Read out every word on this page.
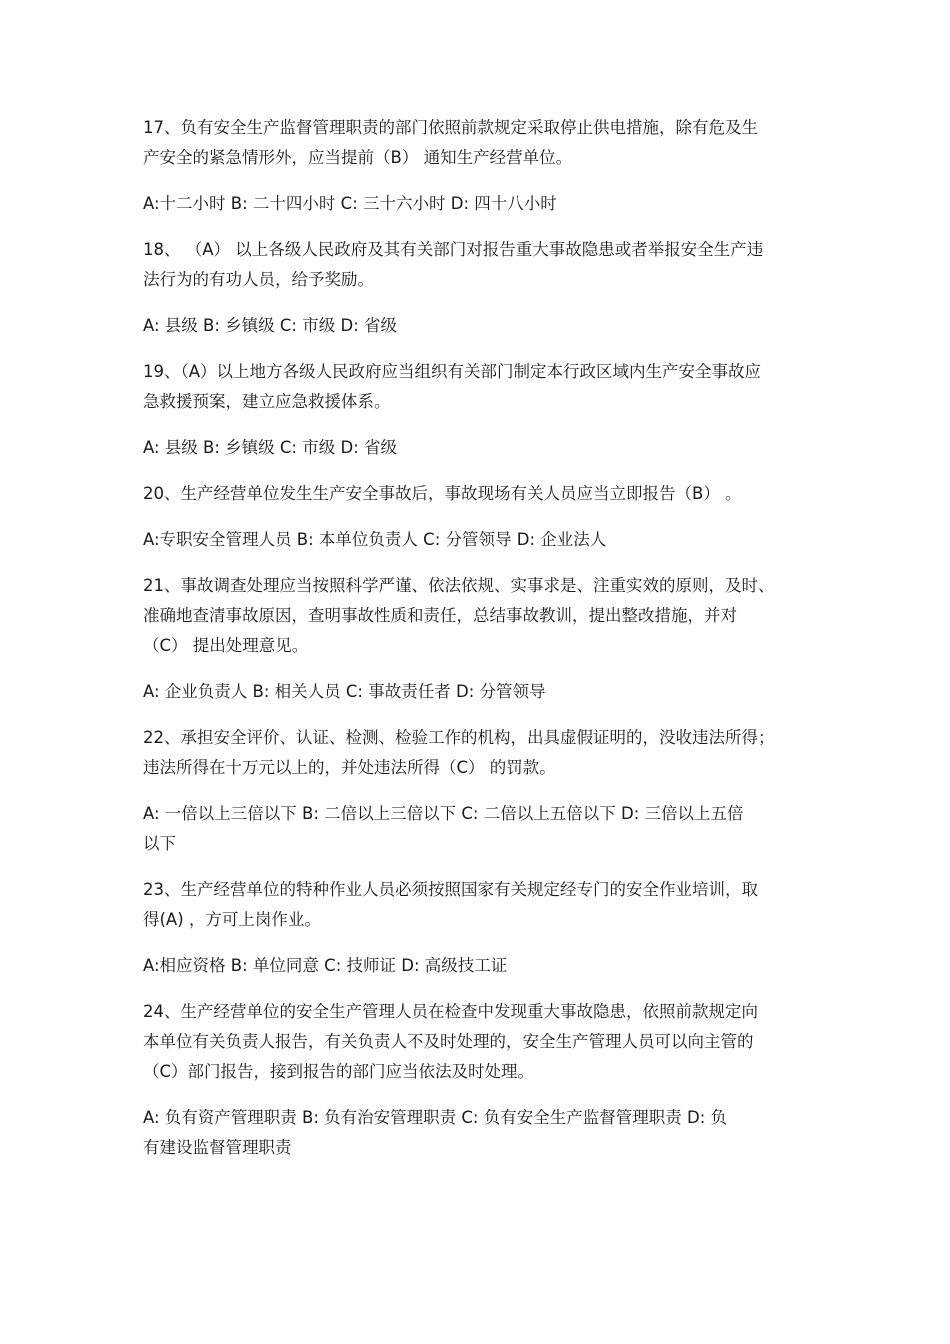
17、负有安全生产监督管理职责的部门依照前款规定采取停止供电措施，除有危及生
产安全的紧急情形外，应当提前（B） 通知生产经营单位。
A:十二小时 B: 二十四小时 C: 三十六小时 D: 四十八小时
18、 （A） 以上各级人民政府及其有关部门对报告重大事故隐患或者举报安全生产违
法行为的有功人员，给予奖励。
A: 县级 B: 乡镇级 C: 市级 D: 省级
19、（A）以上地方各级人民政府应当组织有关部门制定本行政区域内生产安全事故应
急救援预案，建立应急救援体系。
A: 县级 B: 乡镇级 C: 市级 D: 省级
20、生产经营单位发生生产安全事故后，事故现场有关人员应当立即报告（B） 。
A:专职安全管理人员 B: 本单位负责人 C: 分管领导 D: 企业法人
21、事故调查处理应当按照科学严谨、依法依规、实事求是、注重实效的原则，及时、
准确地查清事故原因，查明事故性质和责任，总结事故教训，提出整改措施，并对
（C） 提出处理意见。
A: 企业负责人 B: 相关人员 C: 事故责任者 D: 分管领导
22、承担安全评价、认证、检测、检验工作的机构，出具虚假证明的，没收违法所得；
违法所得在十万元以上的，并处违法所得（C） 的罚款。
A: 一倍以上三倍以下 B: 二倍以上三倍以下 C: 二倍以上五倍以下 D: 三倍以上五倍
以下
23、生产经营单位的特种作业人员必须按照国家有关规定经专门的安全作业培训，取
得(A) ，方可上岗作业。
A:相应资格 B: 单位同意 C: 技师证 D: 高级技工证
24、生产经营单位的安全生产管理人员在检查中发现重大事故隐患，依照前款规定向
本单位有关负责人报告，有关负责人不及时处理的，安全生产管理人员可以向主管的
（C）部门报告，接到报告的部门应当依法及时处理。
A: 负有资产管理职责 B: 负有治安管理职责 C: 负有安全生产监督管理职责 D: 负
有建设监督管理职责
